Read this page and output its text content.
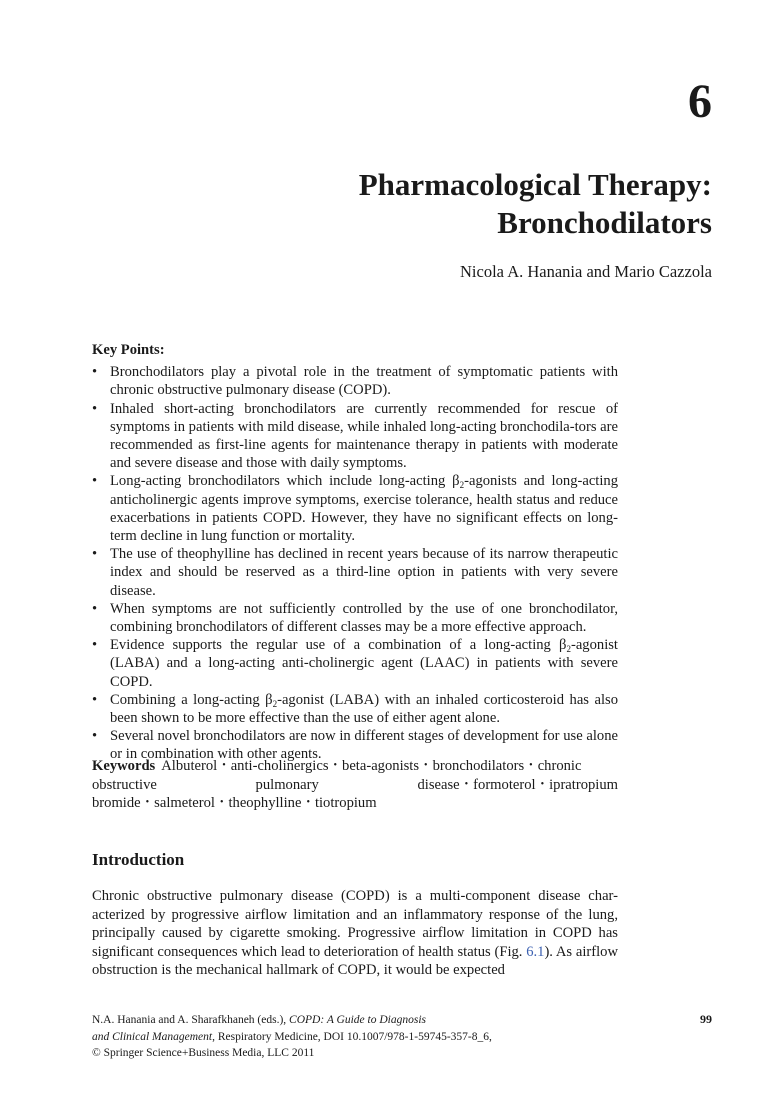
6
Pharmacological Therapy:
Bronchodilators
Nicola A. Hanania and Mario Cazzola
Key Points:
• Bronchodilators play a pivotal role in the treatment of symptomatic patients with chronic obstructive pulmonary disease (COPD).
• Inhaled short-acting bronchodilators are currently recommended for rescue of symptoms in patients with mild disease, while inhaled long-acting bronchodila-tors are recommended as first-line agents for maintenance therapy in patients with moderate and severe disease and those with daily symptoms.
• Long-acting bronchodilators which include long-acting $\beta_2$-agonists and long-acting anticholinergic agents improve symptoms, exercise tolerance, health status and reduce exacerbations in patients COPD. However, they have no significant effects on long-term decline in lung function or mortality.
• The use of theophylline has declined in recent years because of its narrow therapeutic index and should be reserved as a third-line option in patients with very severe disease.
• When symptoms are not sufficiently controlled by the use of one bronchodilator, combining bronchodilators of different classes may be a more effective approach.
• Evidence supports the regular use of a combination of a long-acting $\beta_2$-agonist (LABA) and a long-acting anti-cholinergic agent (LAAC) in patients with severe COPD.
• Combining a long-acting $\beta_2$-agonist (LABA) with an inhaled corticosteroid has also been shown to be more effective than the use of either agent alone.
• Several novel bronchodilators are now in different stages of development for use alone or in combination with other agents.
Keywords Albuterol • anti-cholinergics • beta-agonists • bronchodilators • chronic obstructive pulmonary disease • formoterol • ipratropium bromide • salmeterol • theophylline • tiotropium
Introduction

Chronic obstructive pulmonary disease (COPD) is a multi-component disease char-acterized by progressive airflow limitation and an inflammatory response of the lung, principally caused by cigarette smoking. Progressive airflow limitation in COPD has significant consequences which lead to deterioration of health status (Fig. 6.1). As airflow obstruction is the mechanical hallmark of COPD, it would be expected

N.A. Hanania and A. Sharafkhaneh (eds.), COPD: A Guide to Diagnosis
and Clinical Management, Respiratory Medicine, DOI 10.1007/978-1-59745-357-8_6,
© Springer Science+Business Media, LLC 2011
99
